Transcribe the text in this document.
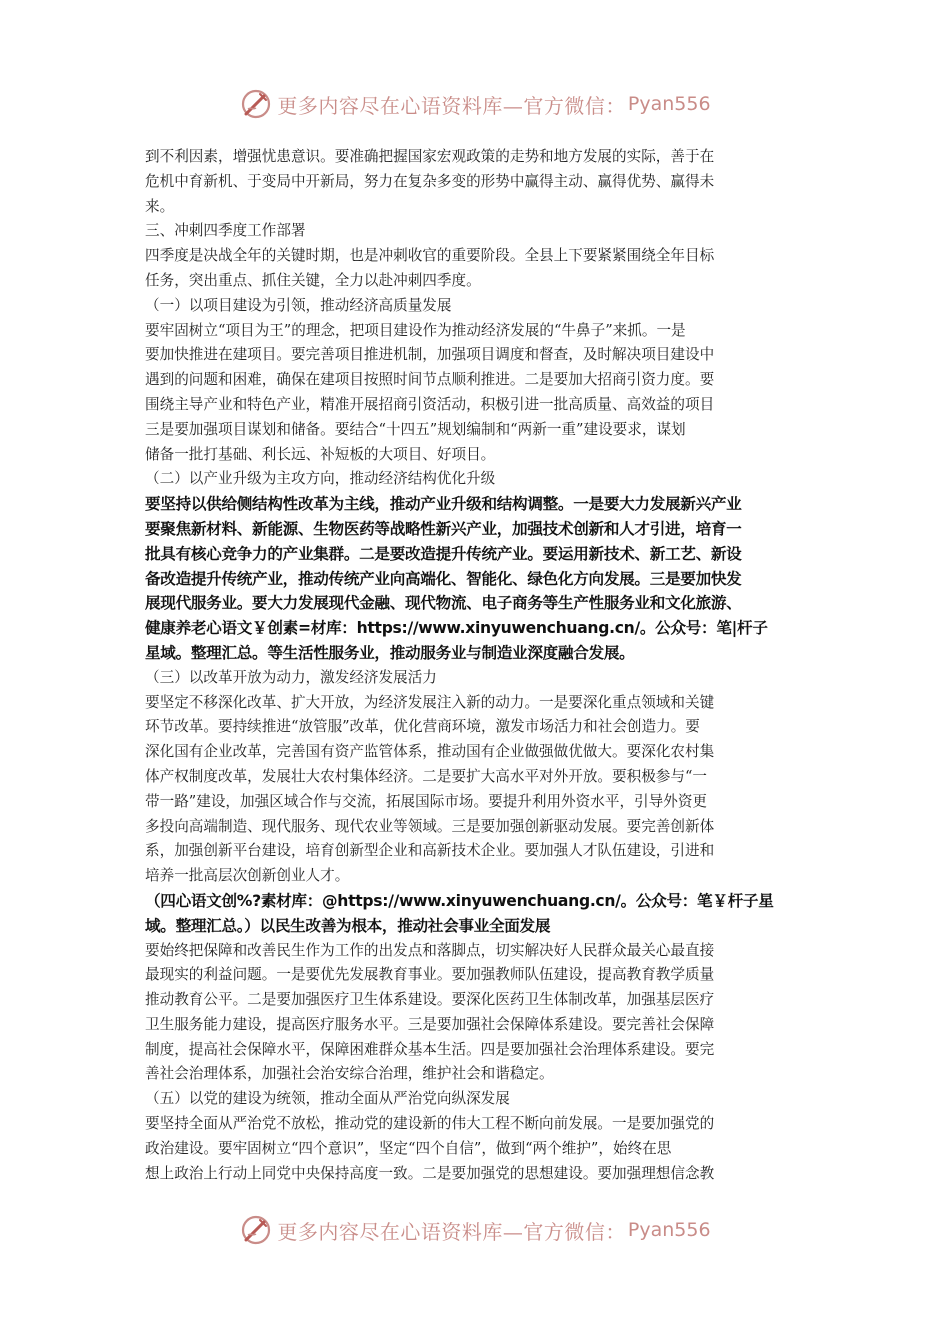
更多内容尽在心语资料库—官方微信： Pyan556
到不利因素，增强忧患意识。要准确把握国家宏观政策的走势和地方发展的实际，善于在
危机中育新机、于变局中开新局，努力在复杂多变的形势中赢得主动、赢得优势、赢得未
来。
三、冲刺四季度工作部署
四季度是决战全年的关键时期，也是冲刺收官的重要阶段。全县上下要紧紧围绕全年目标
任务，突出重点、抓住关键，全力以赴冲刺四季度。
（一）以项目建设为引领，推动经济高质量发展
要牢固树立“项目为王”的理念，把项目建设作为推动经济发展的“牛鼻子”来抓。一是
要加快推进在建项目。要完善项目推进机制，加强项目调度和督查，及时解决项目建设中
遇到的问题和困难，确保在建项目按照时间节点顺利推进。二是要加大招商引资力度。要
围绕主导产业和特色产业，精准开展招商引资活动，积极引进一批高质量、高效益的项目
三是要加强项目谋划和储备。要结合“十四五”规划编制和“两新一重”建设要求，谋划
储备一批打基础、利长远、补短板的大项目、好项目。
（二）以产业升级为主攻方向，推动经济结构优化升级
要坚持以供给侧结构性改革为主线，推动产业升级和结构调整。一是要大力发展新兴产业
要聚焦新材料、新能源、生物医药等战略性新兴产业，加强技术创新和人才引进，培育一
批具有核心竞争力的产业集群。二是要改造提升传统产业。要运用新技术、新工艺、新设
备改造提升传统产业，推动传统产业向高端化、智能化、绿色化方向发展。三是要加快发
展现代服务业。要大力发展现代金融、现代物流、电子商务等生产性服务业和文化旅游、
健康养老心语文￥创素=材库：https://www.xinyuwenchuang.cn/。公众号：笔|杆子
星域。整理汇总。等生活性服务业，推动服务业与制造业深度融合发展。
（三）以改革开放为动力，激发经济发展活力
要坚定不移深化改革、扩大开放，为经济发展注入新的动力。一是要深化重点领域和关键
环节改革。要持续推进“放管服”改革，优化营商环境，激发市场活力和社会创造力。要
深化国有企业改革，完善国有资产监管体系，推动国有企业做强做优做大。要深化农村集
体产权制度改革，发展壮大农村集体经济。二是要扩大高水平对外开放。要积极参与“一
带一路”建设，加强区域合作与交流，拓展国际市场。要提升利用外资水平，引导外资更
多投向高端制造、现代服务、现代农业等领域。三是要加强创新驱动发展。要完善创新体
系，加强创新平台建设，培育创新型企业和高新技术企业。要加强人才队伍建设，引进和
培养一批高层次创新创业人才。
（四心语文创%?素材库：@https://www.xinyuwenchuang.cn/。公众号：笔￥杆子星
域。整理汇总。）以民生改善为根本，推动社会事业全面发展
要始终把保障和改善民生作为工作的出发点和落脚点，切实解决好人民群众最关心最直接
最现实的利益问题。一是要优先发展教育事业。要加强教师队伍建设，提高教育教学质量
推动教育公平。二是要加强医疗卫生体系建设。要深化医药卫生体制改革，加强基层医疗
卫生服务能力建设，提高医疗服务水平。三是要加强社会保障体系建设。要完善社会保障
制度，提高社会保障水平，保障困难群众基本生活。四是要加强社会治理体系建设。要完
善社会治理体系，加强社会治安综合治理，维护社会和谐稳定。
（五）以党的建设为统领，推动全面从严治党向纵深发展
要坚持全面从严治党不放松，推动党的建设新的伟大工程不断向前发展。一是要加强党的
政治建设。要牢固树立“四个意识”，坚定“四个自信”，做到“两个维护”，始终在思
想上政治上行动上同党中央保持高度一致。二是要加强党的思想建设。要加强理想信念教
更多内容尽在心语资料库—官方微信： Pyan556
